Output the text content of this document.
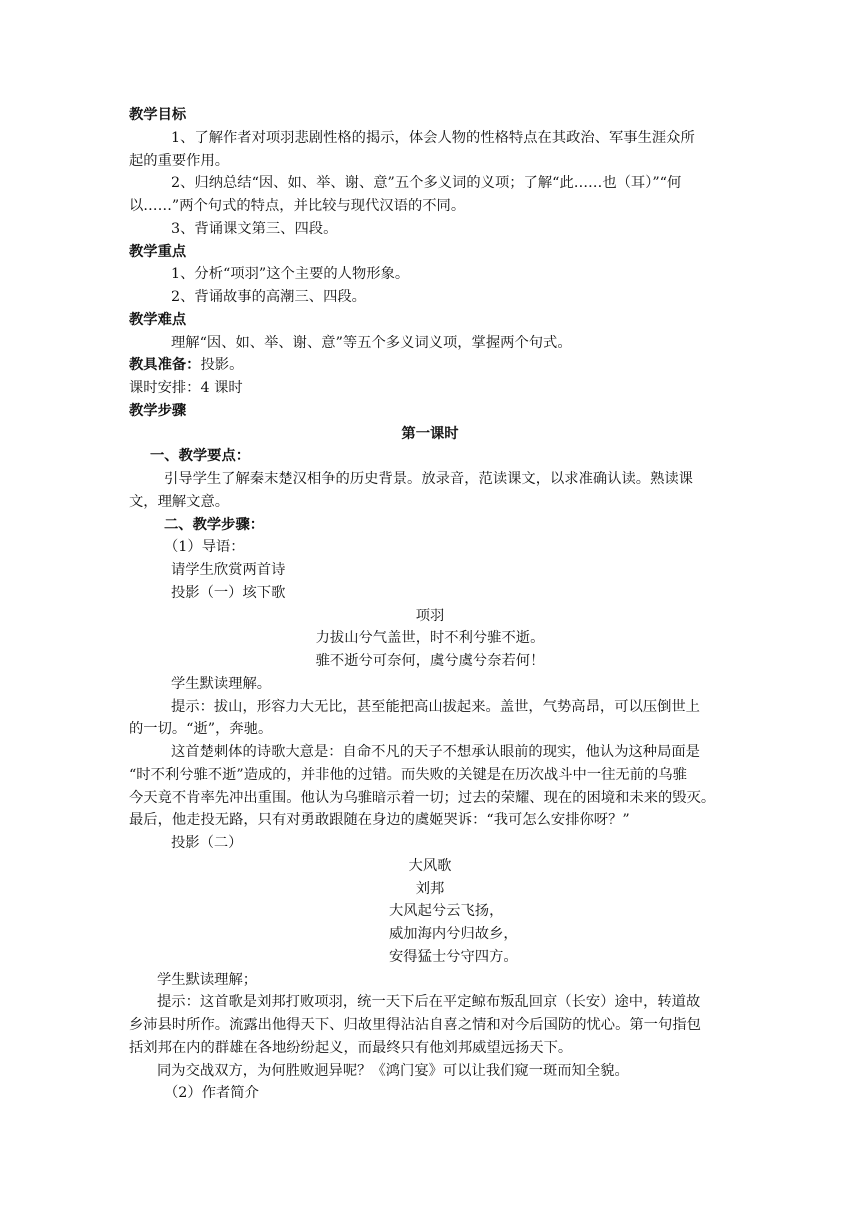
教学目标
1、了解作者对项羽悲剧性格的揭示，体会人物的性格特点在其政治、军事生涯众所
起的重要作用。
2、归纳总结“因、如、举、谢、意”五个多义词的义项；了解“此……也（耳）”“何
以……”两个句式的特点，并比较与现代汉语的不同。
3、背诵课文第三、四段。
教学重点
1、分析“项羽”这个主要的人物形象。
2、背诵故事的高潮三、四段。
教学难点
理解“因、如、举、谢、意”等五个多义词义项，掌握两个句式。
教具准备：投影。
课时安排：4 课时
教学步骤
第一课时
一、教学要点：
引导学生了解秦末楚汉相争的历史背景。放录音，范读课文，以求准确认读。熟读课
文，理解文意。
二、教学步骤：
（1）导语：
请学生欣赏两首诗
投影（一）垓下歌
项羽
力拔山兮气盖世，时不利兮骓不逝。
骓不逝兮可奈何，虞兮虞兮奈若何！
学生默读理解。
提示：拔山，形容力大无比，甚至能把高山拔起来。盖世，气势高昂，可以压倒世上
的一切。“逝”，奔驰。
这首楚刺体的诗歌大意是：自命不凡的天子不想承认眼前的现实，他认为这种局面是
“时不利兮骓不逝”造成的，并非他的过错。而失败的关键是在历次战斗中一往无前的乌骓
今天竟不肯率先冲出重围。他认为乌骓暗示着一切；过去的荣耀、现在的困境和未来的毁灭。
最后，他走投无路，只有对勇敢跟随在身边的虞姬哭诉：“我可怎么安排你呀？”
投影（二）
大风歌
刘邦
大风起兮云飞扬，
威加海内兮归故乡，
安得猛士兮守四方。
学生默读理解；
提示：这首歌是刘邦打败项羽，统一天下后在平定鲸布叛乱回京（长安）途中，转道故
乡沛县时所作。流露出他得天下、归故里得沾沾自喜之情和对今后国防的忧心。第一句指包
括刘邦在内的群雄在各地纷纷起义，而最终只有他刘邦威望远扬天下。
同为交战双方，为何胜败迥异呢？《鸿门宴》可以让我们窥一斑而知全貌。
（2）作者简介
